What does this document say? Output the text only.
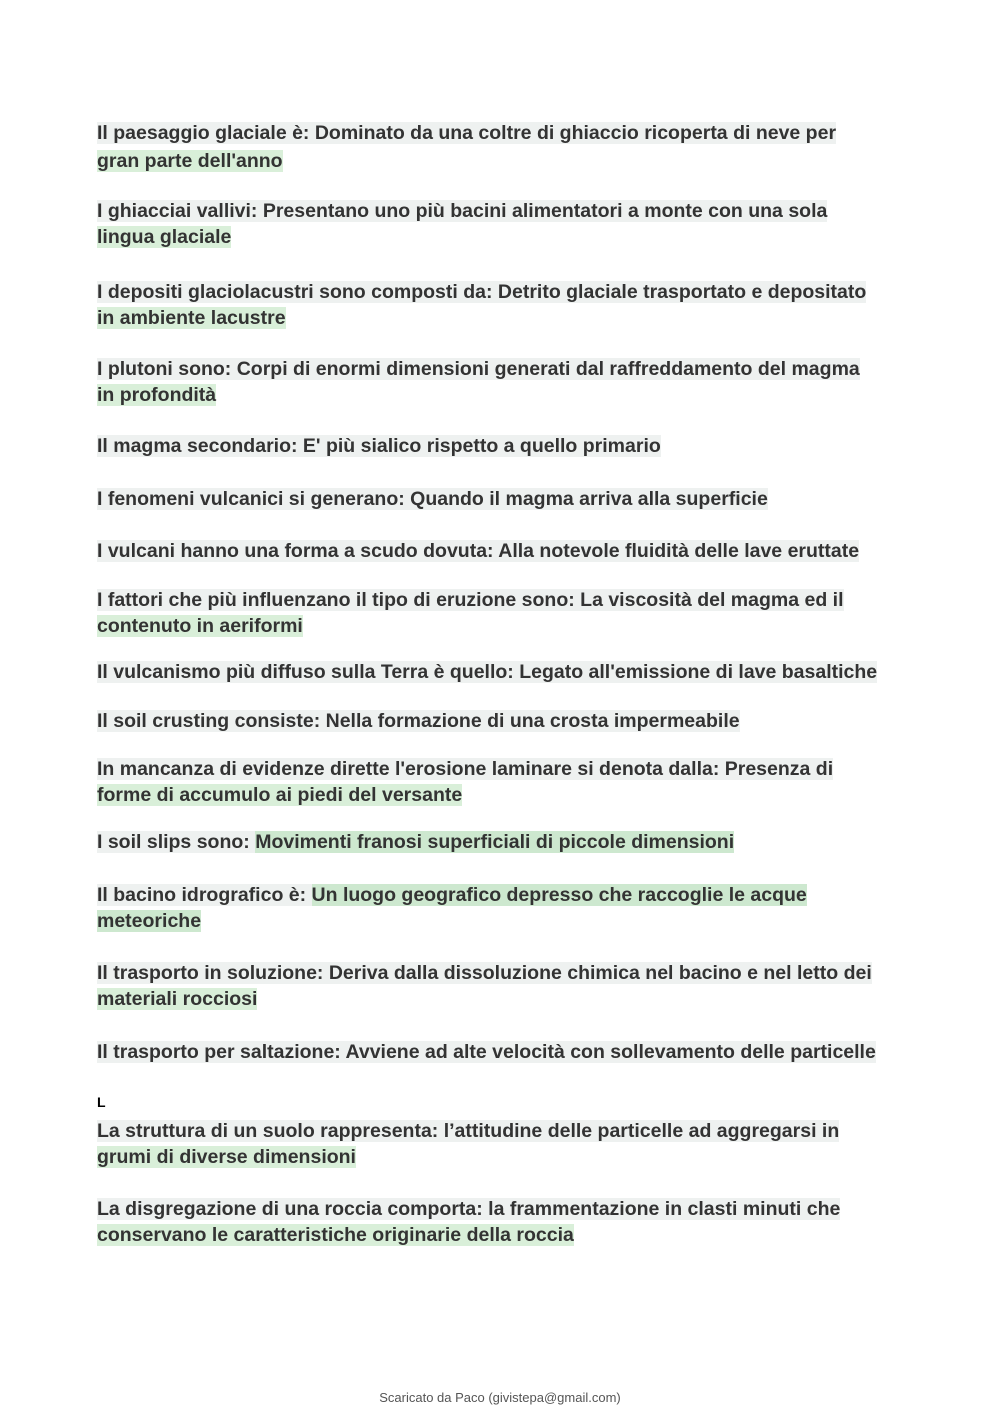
Il paesaggio glaciale è: Dominato da una coltre di ghiaccio ricoperta di neve per
gran parte dell'anno
I ghiacciai vallivi: Presentano uno più bacini alimentatori a monte con una sola
lingua glaciale
I depositi glaciolacustri sono composti da: Detrito glaciale trasportato e depositato
in ambiente lacustre
I plutoni sono: Corpi di enormi dimensioni generati dal raffreddamento del magma
in profondità
Il magma secondario: E' più sialico rispetto a quello primario
I fenomeni vulcanici si generano: Quando il magma arriva alla superficie
I vulcani hanno una forma a scudo dovuta: Alla notevole fluidità delle lave eruttate
I fattori che più influenzano il tipo di eruzione sono: La viscosità del magma ed il
contenuto in aeriformi
Il vulcanismo più diffuso sulla Terra è quello: Legato all'emissione di lave basaltiche
Il soil crusting consiste: Nella formazione di una crosta impermeabile
In mancanza di evidenze dirette l'erosione laminare si denota dalla: Presenza di
forme di accumulo ai piedi del versante
I soil slips sono: Movimenti franosi superficiali di piccole dimensioni
Il bacino idrografico è: Un luogo geografico depresso che raccoglie le acque
meteoriche
Il trasporto in soluzione: Deriva dalla dissoluzione chimica nel bacino e nel letto dei
materiali rocciosi
Il trasporto per saltazione: Avviene ad alte velocità con sollevamento delle particelle
L
La struttura di un suolo rappresenta: l’attitudine delle particelle ad aggregarsi in
grumi di diverse dimensioni
La disgregazione di una roccia comporta: la frammentazione in clasti minuti che
conservano le caratteristiche originarie della roccia
Scaricato da Paco (givistepa@gmail.com)
